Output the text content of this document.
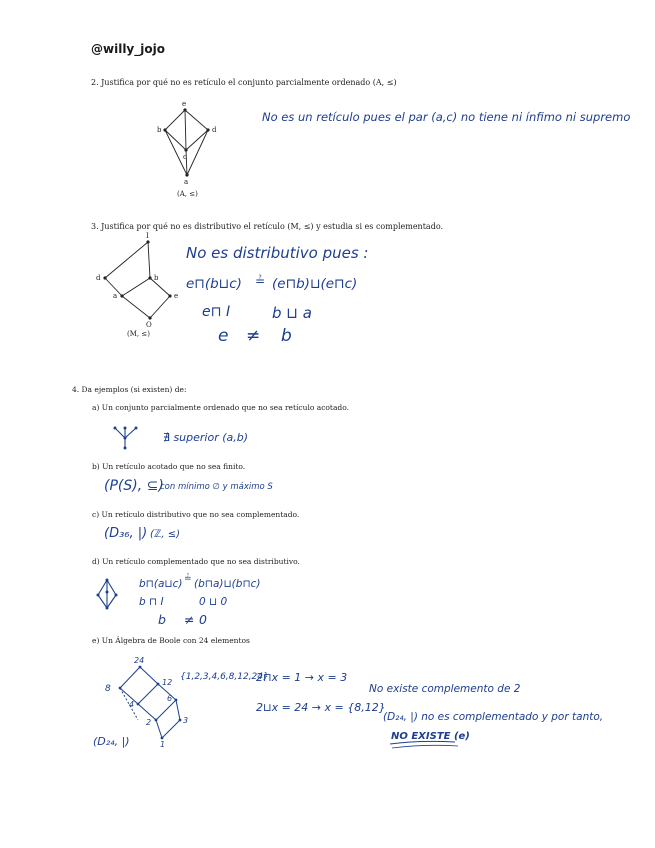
@willy_jojo
2. Justifica por qué no es retículo el conjunto parcialmente ordenado (A, ≤)
e
b
c
d
a
(A, ≤)
No es un retículo pues el par (a,c) no tiene ni ínfimo ni supremo
3. Justifica por qué no es distributivo el retículo (M, ≤) y estudia si es complementado.
I
d	b
a	e
O
(M, ≤)
No es distributivo pues :
e⊓(b⊔c) ≟ (e⊓b)⊔(e⊓c)
e⊓ I	b ⊔ a
e ≠ b
4. Da ejemplos (si existen) de:
a) Un conjunto parcialmente ordenado que no sea retículo acotado.
∄ superior (a,b)
b) Un retículo acotado que no sea finito.
(P(S), ⊆)
con mínimo ∅ y máximo S
c) Un retículo distributivo que no sea complementado.
(D₃₆, |) (ℤ, ≤)
d) Un retículo complementado que no sea distributivo.
b⊓(a⊔c) ≟ (b⊓a)⊔(b⊓c)
b ⊓ I	0 ⊔ 0
b ≠ 0
e) Un Álgebra de Boole con 24 elementos
24
8
12
4
6
2	3
1
{1,2,3,4,6,8,12,24}
(D₂₄, |)
2⊓x = 1 → x = 3
2⊔x = 24 → x = {8,12}
No existe complemento de 2
(D₂₄, |) no es complementado y por tanto,
NO EXISTE (e)
